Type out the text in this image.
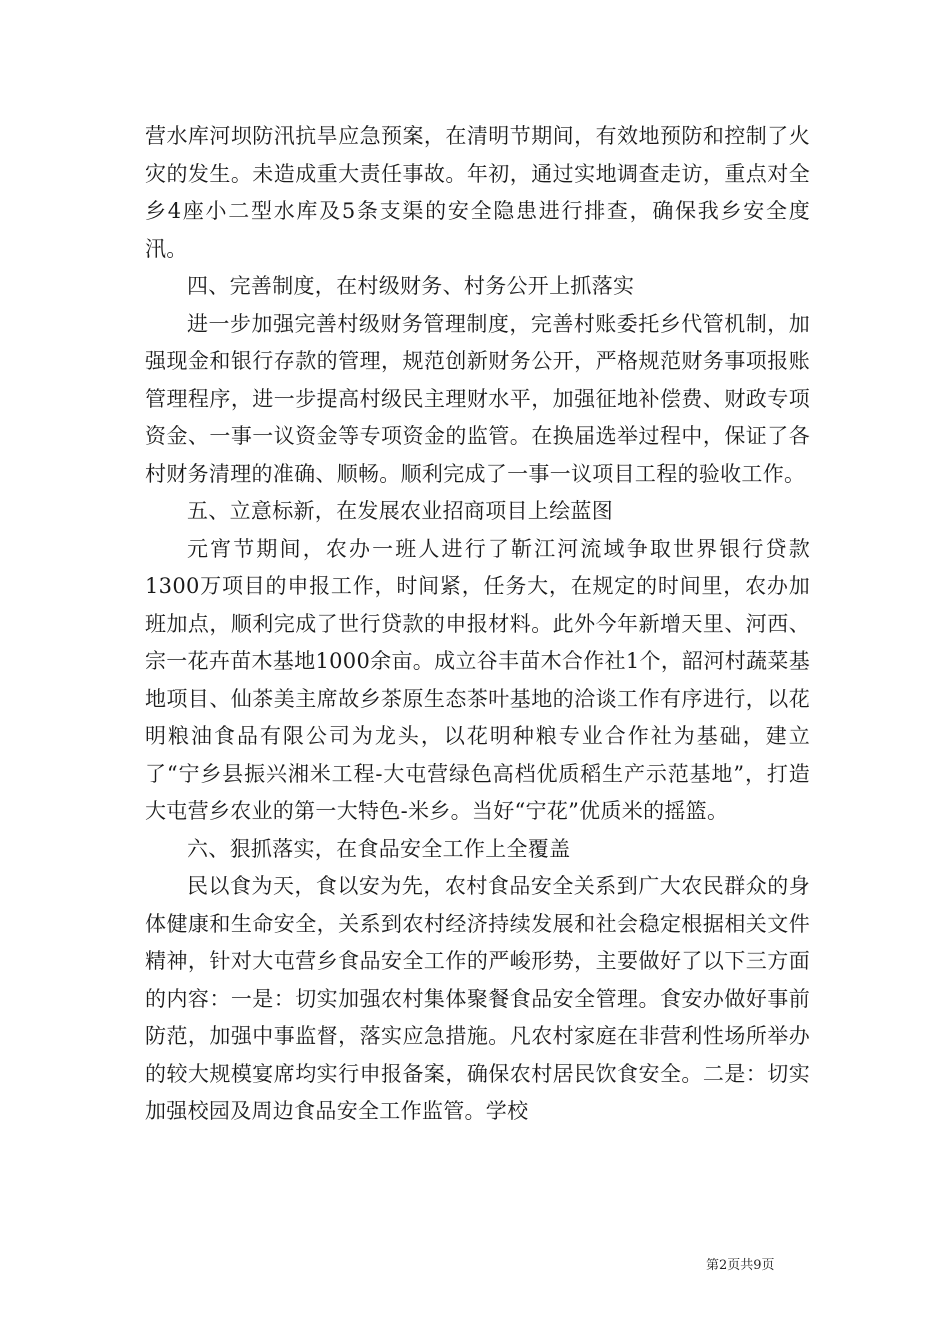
营水库河坝防汛抗旱应急预案，在清明节期间，有效地预防和控制了火灾的发生。未造成重大责任事故。年初，通过实地调查走访，重点对全乡4座小二型水库及5条支渠的安全隐患进行排查，确保我乡安全度汛。

四、完善制度，在村级财务、村务公开上抓落实

进一步加强完善村级财务管理制度，完善村账委托乡代管机制，加强现金和银行存款的管理，规范创新财务公开，严格规范财务事项报账管理程序，进一步提高村级民主理财水平，加强征地补偿费、财政专项资金、一事一议资金等专项资金的监管。在换届选举过程中，保证了各村财务清理的准确、顺畅。顺利完成了一事一议项目工程的验收工作。

五、立意标新，在发展农业招商项目上绘蓝图

元宵节期间，农办一班人进行了靳江河流域争取世界银行贷款1300万项目的申报工作，时间紧，任务大，在规定的时间里，农办加班加点，顺利完成了世行贷款的申报材料。此外今年新增天里、河西、宗一花卉苗木基地1000余亩。成立谷丰苗木合作社1个，韶河村蔬菜基地项目、仙茶美主席故乡茶原生态茶叶基地的洽谈工作有序进行，以花明粮油食品有限公司为龙头，以花明种粮专业合作社为基础，建立了“宁乡县振兴湘米工程-大屯营绿色高档优质稻生产示范基地”，打造大屯营乡农业的第一大特色-米乡。当好“宁花”优质米的摇篮。

六、狠抓落实，在食品安全工作上全覆盖

民以食为天，食以安为先，农村食品安全关系到广大农民群众的身体健康和生命安全，关系到农村经济持续发展和社会稳定根据相关文件精神，针对大屯营乡食品安全工作的严峻形势，主要做好了以下三方面的内容：一是：切实加强农村集体聚餐食品安全管理。食安办做好事前防范，加强中事监督，落实应急措施。凡农村家庭在非营利性场所举办的较大规模宴席均实行申报备案，确保农村居民饮食安全。二是：切实加强校园及周边食品安全工作监管。学校

第2页共9页
